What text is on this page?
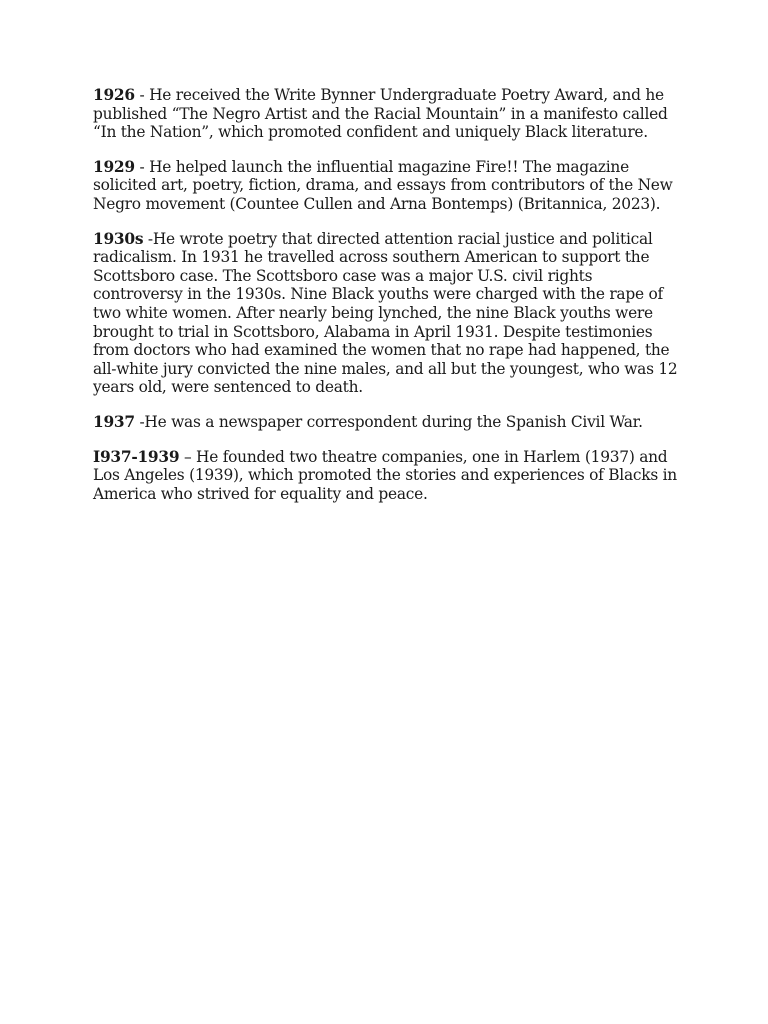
1926 - He received the Write Bynner Undergraduate Poetry Award, and he published “The Negro Artist and the Racial Mountain” in a manifesto called “In the Nation”, which promoted confident and uniquely Black literature.

1929 - He helped launch the influential magazine Fire!! The magazine solicited art, poetry, fiction, drama, and essays from contributors of the New Negro movement (Countee Cullen and Arna Bontemps) (Britannica, 2023).

1930s -He wrote poetry that directed attention racial justice and political radicalism. In 1931 he travelled across southern American to support the Scottsboro case. The Scottsboro case was a major U.S. civil rights controversy in the 1930s. Nine Black youths were charged with the rape of two white women. After nearly being lynched, the nine Black youths were brought to trial in Scottsboro, Alabama in April 1931. Despite testimonies from doctors who had examined the women that no rape had happened, the all-white jury convicted the nine males, and all but the youngest, who was 12 years old, were sentenced to death.

1937 -He was a newspaper correspondent during the Spanish Civil War.

I937-1939 – He founded two theatre companies, one in Harlem (1937) and Los Angeles (1939), which promoted the stories and experiences of Blacks in America who strived for equality and peace.
